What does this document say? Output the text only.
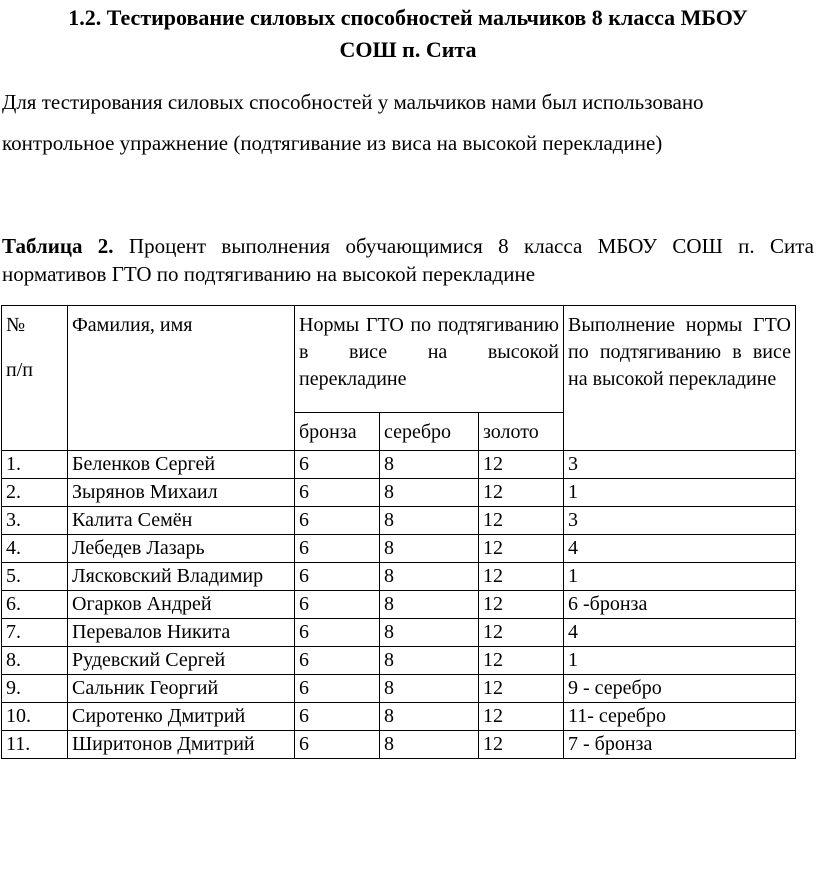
1.2. Тестирование силовых способностей мальчиков 8 класса МБОУ
СОШ п. Сита
Для тестирования силовых способностей у мальчиков нами был использовано контрольное упражнение (подтягивание из виса на высокой перекладине)
Таблица 2. Процент выполнения обучающимися 8 класса МБОУ СОШ п. Сита нормативов ГТО по подтягиванию на высокой перекладине
№
п/п	Фамилия, имя	Нормы ГТО по подтягиванию в висе на высокой перекладине			Выполнение нормы ГТО по подтягиванию в висе на высокой перекладине
		бронза	серебро	золото	
1.	Беленков Сергей	6	8	12	3
2.	Зырянов Михаил	6	8	12	1
3.	Калита Семён	6	8	12	3
4.	Лебедев Лазарь	6	8	12	4
5.	Лясковский Владимир	6	8	12	1
6.	Огарков Андрей	6	8	12	6 -бронза
7.	Перевалов Никита	6	8	12	4
8.	Рудевский Сергей	6	8	12	1
9.	Сальник Георгий	6	8	12	9 - серебро
10.	Сиротенко Дмитрий	6	8	12	11- серебро
11.	Ширитонов Дмитрий	6	8	12	7 - бронза
